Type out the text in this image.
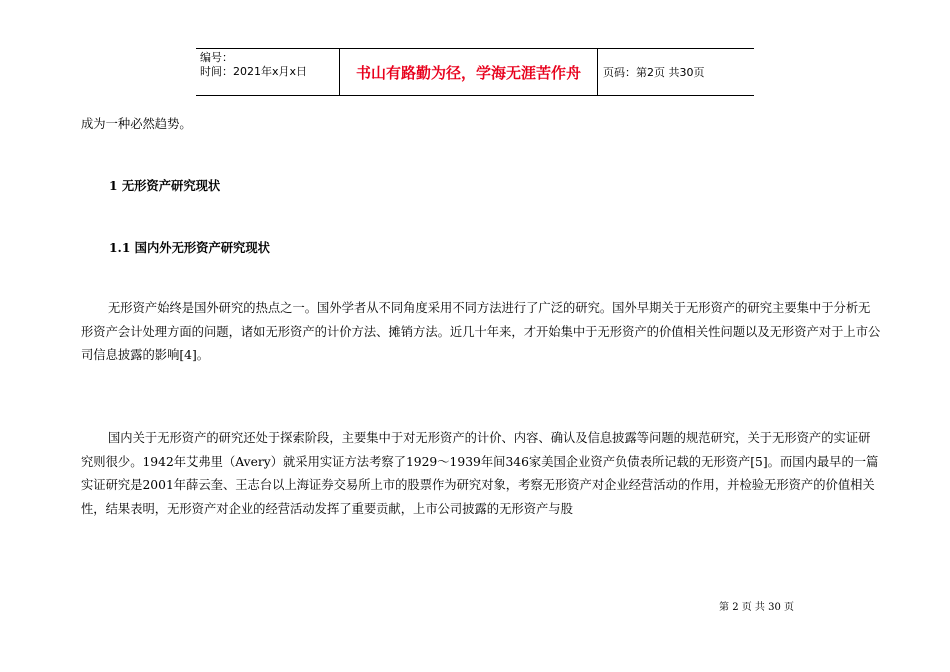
编号：
时间：2021年x月x日	书山有路勤为径，学海无涯苦作舟 页码：第2页 共30页

成为一种必然趋势。

1 无形资产研究现状

1.1 国内外无形资产研究现状

无形资产始终是国外研究的热点之一。国外学者从不同角度采用不同方法进行了广泛的研究。国外早期关于无形资产的研究主要集中于分析无形资产会计处理方面的问题，诸如无形资产的计价方法、摊销方法。近几十年来，才开始集中于无形资产的价值相关性问题以及无形资产对于上市公司信息披露的影响[4]。

国内关于无形资产的研究还处于探索阶段，主要集中于对无形资产的计价、内容、确认及信息披露等问题的规范研究，关于无形资产的实证研究则很少。1942年艾弗里（Avery）就采用实证方法考察了1929～1939年间346家美国企业资产负债表所记载的无形资产[5]。而国内最早的一篇实证研究是2001年薛云奎、王志台以上海证券交易所上市的股票作为研究对象，考察无形资产对企业经营活动的作用，并检验无形资产的价值相关性，结果表明，无形资产对企业的经营活动发挥了重要贡献，上市公司披露的无形资产与股

第 2 页 共 30 页
